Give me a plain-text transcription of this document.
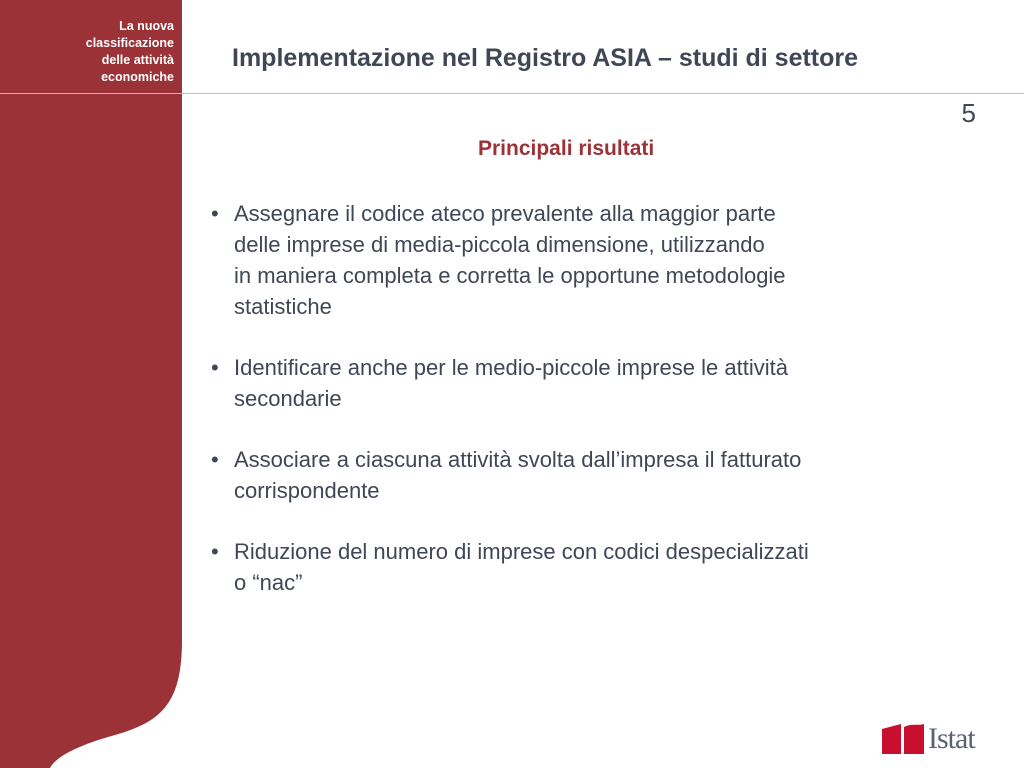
La nuova
classificazione
delle attività
economiche
Implementazione nel Registro ASIA – studi di settore
5
Principali risultati
• Assegnare il codice ateco prevalente alla maggior parte
delle imprese di media-piccola dimensione, utilizzando
in maniera completa e corretta le opportune metodologie
statistiche
• Identificare anche per le medio-piccole imprese le attività
secondarie
• Associare a ciascuna attività svolta dall’impresa il fatturato
corrispondente
• Riduzione del numero di imprese con codici despecializzati
o “nac”
Istat
